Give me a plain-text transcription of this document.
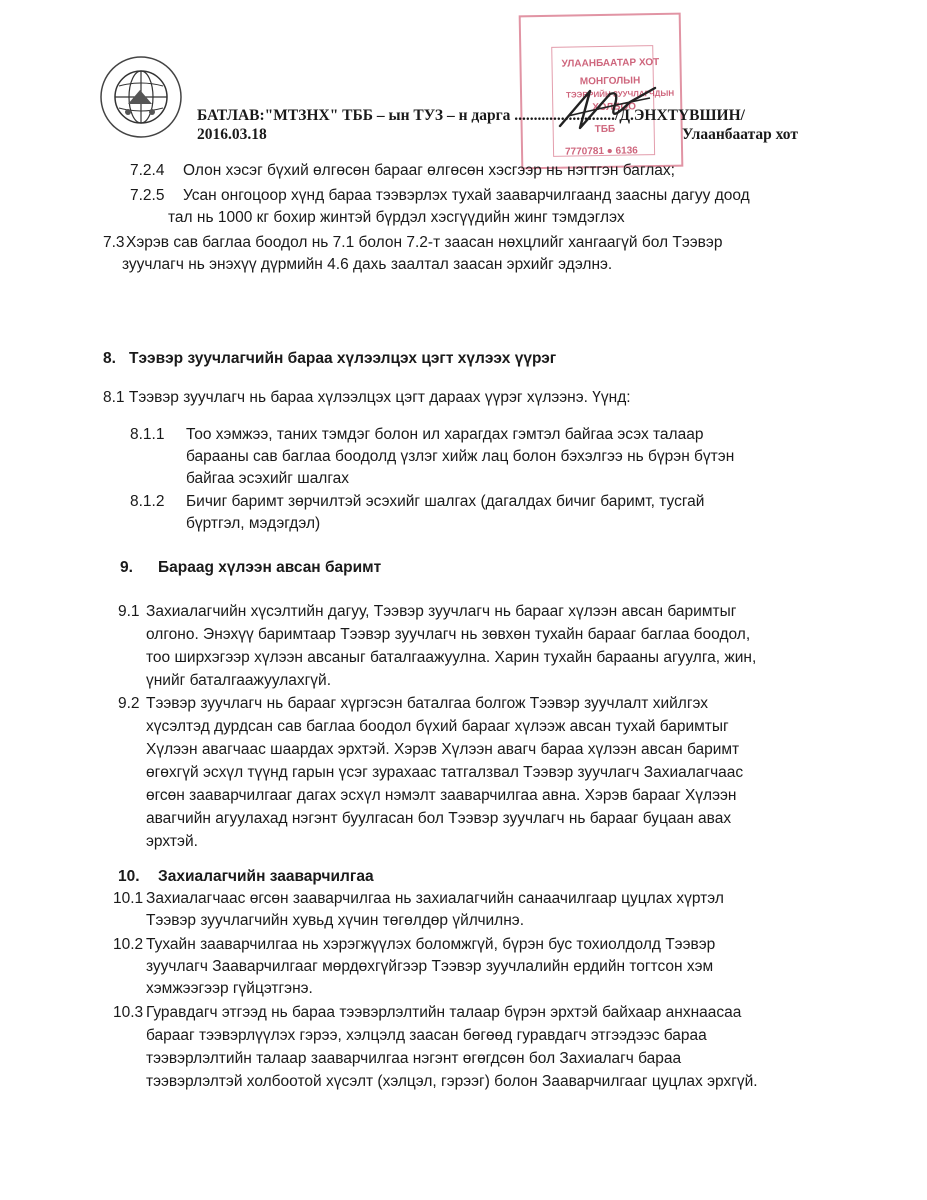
УЛААНБААТАР ХОТ
МОНГОЛЫН
ТЭЭВРИЙН ЗУУЧЛАГЧДЫН
ХОЛБОО
7770781 ● 6136
ТББ
БАТЛАВ:"МТЗНХ" ТББ – ын ТУЗ – н дарга ........................../Д.ЭНХТҮВШИН/
2016.03.18	Улаанбаатар хот
7.2.4 Олон хэсэг бүхий өлгөсөн барааг өлгөсөн хэсгээр нь нэгтгэн баглах;
7.2.5 Усан онгоцоор хүнд бараа тээвэрлэх тухай зааварчилгаанд заасны дагуу доод
тал нь 1000 кг бохир жинтэй бүрдэл хэсгүүдийн жинг тэмдэглэх
7.3 Хэрэв сав баглаа боодол нь 7.1 болон 7.2-т заасан нөхцлийг хангаагүй бол Тээвэр
зуучлагч нь энэхүү дүрмийн 4.6 дахь заалтал заасан эрхийг эдэлнэ.
8. Тээвэр зуучлагчийн бараа хүлээлцэх цэгт хүлээх үүрэг
8.1 Тээвэр зуучлагч нь бараа хүлээлцэх цэгт дараах үүрэг хүлээнэ. Үүнд:
8.1.1 Тоо хэмжээ, таних тэмдэг болон ил харагдах гэмтэл байгаа эсэх талаар
барааны сав баглаа боодолд үзлэг хийж лац болон бэхэлгээ нь бүрэн бүтэн
байгаа эсэхийг шалгах
8.1.2 Бичиг баримт зөрчилтэй эсэхийг шалгах (дагалдах бичиг баримт, тусгай
бүртгэл, мэдэгдэл)
9. Бараag хүлээн авсан баримт
9.1 Захиалагчийн хүсэлтийн дагуу, Тээвэр зуучлагч нь бараaг хүлээн авсан баримтыг
олгоно. Энэхүү баримтаар Тээвэр зуучлагч нь зөвхөн тухайн бараaг баглаа боодол,
тоо ширхэгээр хүлээн авсаныг баталгаажуулна. Харин тухайн барааны агуулга, жин,
үнийг баталгаажуулахгүй.
9.2 Тээвэр зуучлагч нь бараaг хүргэсэн баталгаа болгож Тээвэр зуучлалт хийлгэх
хүсэлтэд дурдсан сав баглаа боодол бүхий бараaг хүлээж авсан тухай баримтыг
Хүлээн авагчаас шаардах эрхтэй. Хэрэв Хүлээн авагч бараа хүлээн авсан баримт
өгөхгүй эсхүл түүнд гарын үсэг зурахаас татгалзвал Тээвэр зуучлагч Захиалагчаас
өгсөн зааварчилгааг дагах эсхүл нэмэлт зааварчилгаа авна. Хэрэв бараaг Хүлээн
авагчийн агуулахад нэгэнт буулгасан бол Тээвэр зуучлагч нь бараaг буцаан авах
эрхтэй.
10. Захиалагчийн зааварчилгаа
10.1 Захиалагчаас өгсөн зааварчилгаа нь захиалагчийн санаачилгаар цуцлах хүртэл
Тээвэр зуучлагчийн хувьд хүчин төгөлдөр үйлчилнэ.
10.2 Тухайн зааварчилгаа нь хэрэгжүүлэх боломжгүй, бүрэн бус тохиолдолд Тээвэр
зуучлагч Зааварчилгааг мөрдөхгүйгээр Тээвэр зуучлалийн ердийн тогтсон хэм
хэмжээгээр гүйцэтгэнэ.
10.3 Гуравдагч этгээд нь бараа тээвэрлэлтийн талаар бүрэн эрхтэй байхаар анхнаасаа
бараaг тээвэрлүүлэх гэрээ, хэлцэлд заасан бөгөөд гуравдагч этгээдээс бараа
тээвэрлэлтийн талаар зааварчилгаа нэгэнт өгөгдсөн бол Захиалагч бараа
тээвэрлэлтэй холбоотой хүсэлт (хэлцэл, гэрээг) болон Зааварчилгааг цуцлах эрхгүй.
